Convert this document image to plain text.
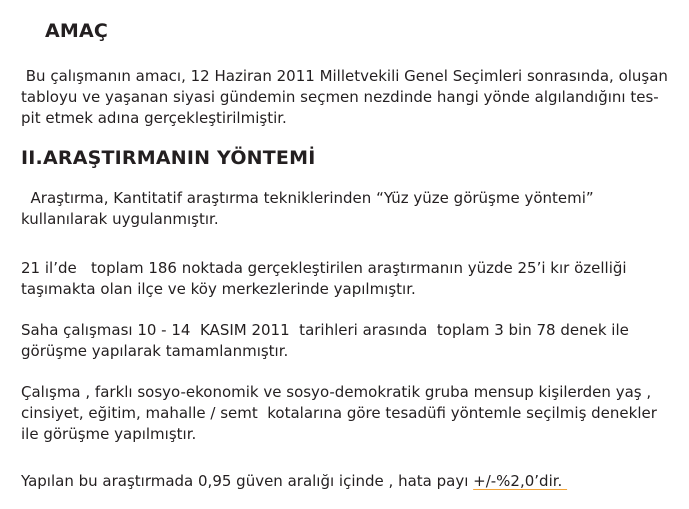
AMAÇ

Bu çalışmanın amacı, 12 Haziran 2011 Milletvekili Genel Seçimleri sonrasında, oluşan
tabloyu ve yaşanan siyasi gündemin seçmen nezdinde hangi yönde algılandığını tes-
pit etmek adına gerçekleştirilmiştir.

II.ARAŞTIRMANIN YÖNTEMİ

Araştırma, Kantitatif araştırma tekniklerinden “Yüz yüze görüşme yöntemi”
kullanılarak uygulanmıştır.

21 il’de   toplam 186 noktada gerçekleştirilen araştırmanın yüzde 25’i kır özelliği
taşımakta olan ilçe ve köy merkezlerinde yapılmıştır.

Saha çalışması 10 - 14  KASIM 2011  tarihleri arasında  toplam 3 bin 78 denek ile
görüşme yapılarak tamamlanmıştır.

Çalışma , farklı sosyo-ekonomik ve sosyo-demokratik gruba mensup kişilerden yaş ,
cinsiyet, eğitim, mahalle / semt  kotalarına göre tesadüfi yöntemle seçilmiş denekler
ile görüşme yapılmıştır.

Yapılan bu araştırmada 0,95 güven aralığı içinde , hata payı +/-%2,0’dir.
